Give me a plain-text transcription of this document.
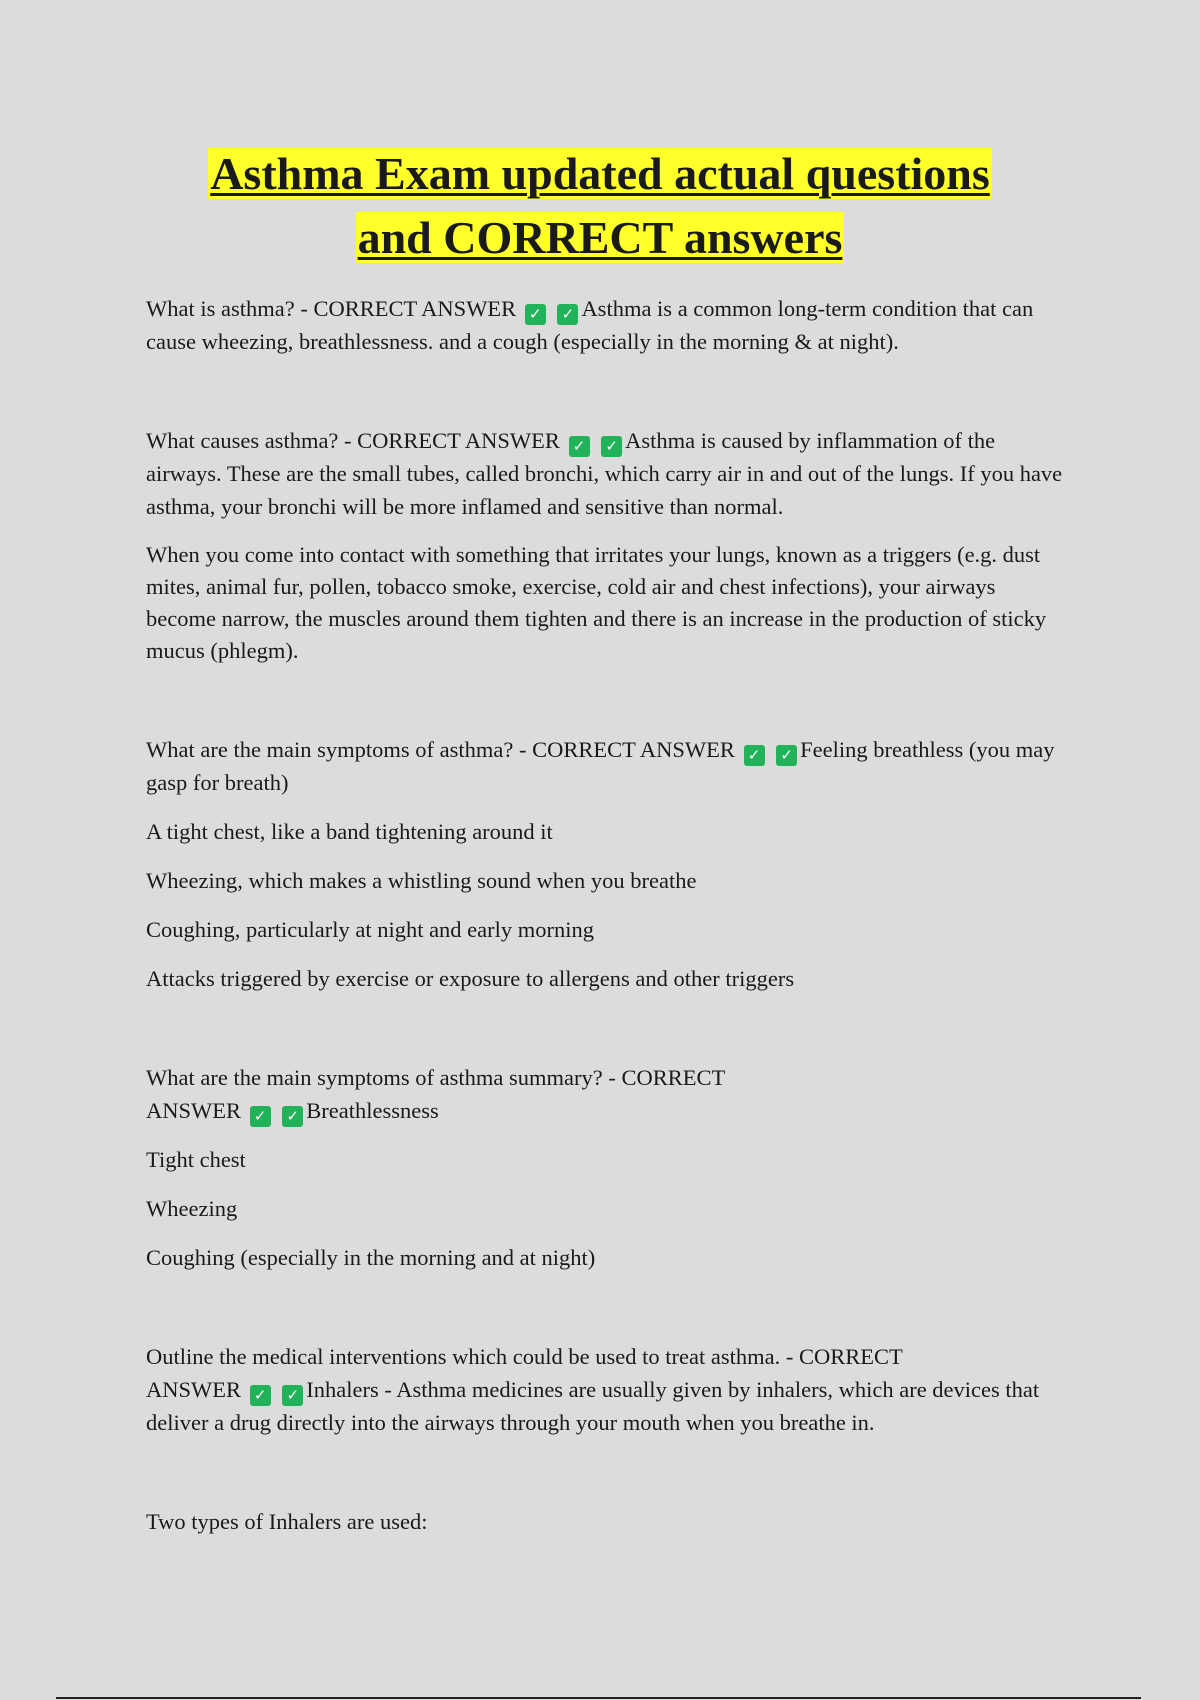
Asthma Exam updated actual questions
and CORRECT answers

What is asthma? - CORRECT ANSWER ✓ ✓ Asthma is a common long-term condition that can cause wheezing, breathlessness. and a cough (especially in the morning & at night).

What causes asthma? - CORRECT ANSWER ✓ ✓ Asthma is caused by inflammation of the airways. These are the small tubes, called bronchi, which carry air in and out of the lungs. If you have asthma, your bronchi will be more inflamed and sensitive than normal.

When you come into contact with something that irritates your lungs, known as a triggers (e.g. dust mites, animal fur, pollen, tobacco smoke, exercise, cold air and chest infections), your airways become narrow, the muscles around them tighten and there is an increase in the production of sticky mucus (phlegm).

What are the main symptoms of asthma? - CORRECT ANSWER ✓ ✓ Feeling breathless (you may gasp for breath)

A tight chest, like a band tightening around it

Wheezing, which makes a whistling sound when you breathe

Coughing, particularly at night and early morning

Attacks triggered by exercise or exposure to allergens and other triggers

What are the main symptoms of asthma summary? - CORRECT
ANSWER ✓ ✓ Breathlessness

Tight chest

Wheezing

Coughing (especially in the morning and at night)

Outline the medical interventions which could be used to treat asthma. - CORRECT
ANSWER ✓ ✓ Inhalers - Asthma medicines are usually given by inhalers, which are devices that deliver a drug directly into the airways through your mouth when you breathe in.

Two types of Inhalers are used:
